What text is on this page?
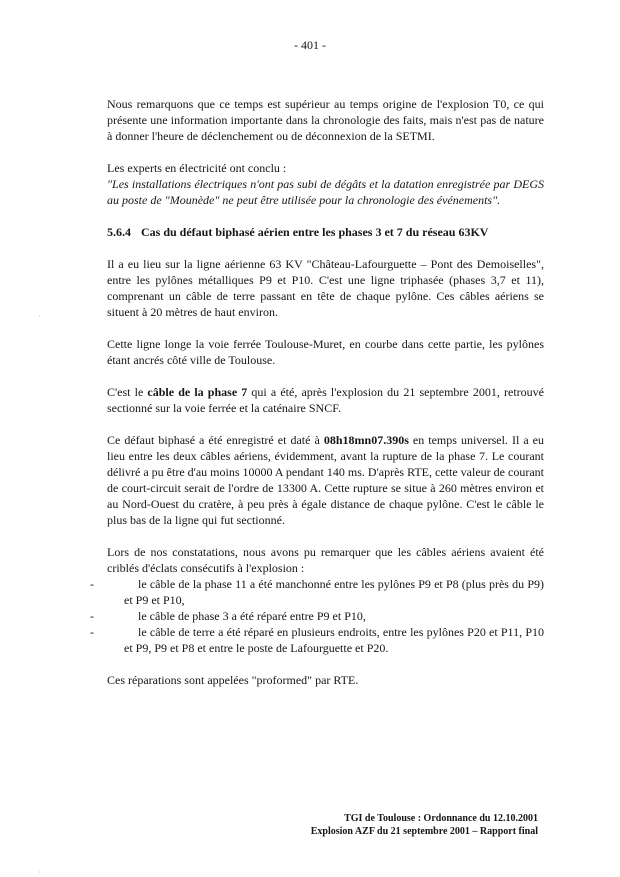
- 401 -

Nous remarquons que ce temps est supérieur au temps origine de l'explosion T0, ce qui présente une information importante dans la chronologie des faits, mais n'est pas de nature à donner l'heure de déclenchement ou de déconnexion de la SETMI.

Les experts en électricité ont conclu :
"Les installations électriques n'ont pas subi de dégâts et la datation enregistrée par DEGS au poste de "Mounède" ne peut être utilisée pour la chronologie des événements".

5.6.4 Cas du défaut biphasé aérien entre les phases 3 et 7 du réseau 63KV

Il a eu lieu sur la ligne aérienne 63 KV "Château-Lafourguette – Pont des Demoiselles", entre les pylônes métalliques P9 et P10. C'est une ligne triphasée (phases 3,7 et 11), comprenant un câble de terre passant en tête de chaque pylône. Ces câbles aériens se situent à 20 mètres de haut environ.

Cette ligne longe la voie ferrée Toulouse-Muret, en courbe dans cette partie, les pylônes étant ancrés côté ville de Toulouse.

C'est le câble de la phase 7 qui a été, après l'explosion du 21 septembre 2001, retrouvé sectionné sur la voie ferrée et la caténaire SNCF.

Ce défaut biphasé a été enregistré et daté à 08h18mn07.390s en temps universel. Il a eu lieu entre les deux câbles aériens, évidemment, avant la rupture de la phase 7. Le courant délivré a pu être d'au moins 10000 A pendant 140 ms. D'après RTE, cette valeur de courant de court-circuit serait de l'ordre de 13300 A. Cette rupture se situe à 260 mètres environ et au Nord-Ouest du cratère, à peu près à égale distance de chaque pylône. C'est le câble le plus bas de la ligne qui fut sectionné.

Lors de nos constatations, nous avons pu remarquer que les câbles aériens avaient été criblés d'éclats consécutifs à l'explosion :
-	le câble de la phase 11 a été manchonné entre les pylônes P9 et P8 (plus près du P9) et P9 et P10,
-	le câble de phase 3 a été réparé entre P9 et P10,
-	le câble de terre a été réparé en plusieurs endroits, entre les pylônes P20 et P11, P10 et P9, P9 et P8 et entre le poste de Lafourguette et P20.

Ces réparations sont appelées "proformed" par RTE.

TGI de Toulouse : Ordonnance du 12.10.2001
Explosion AZF du 21 septembre 2001 – Rapport final
·
·
